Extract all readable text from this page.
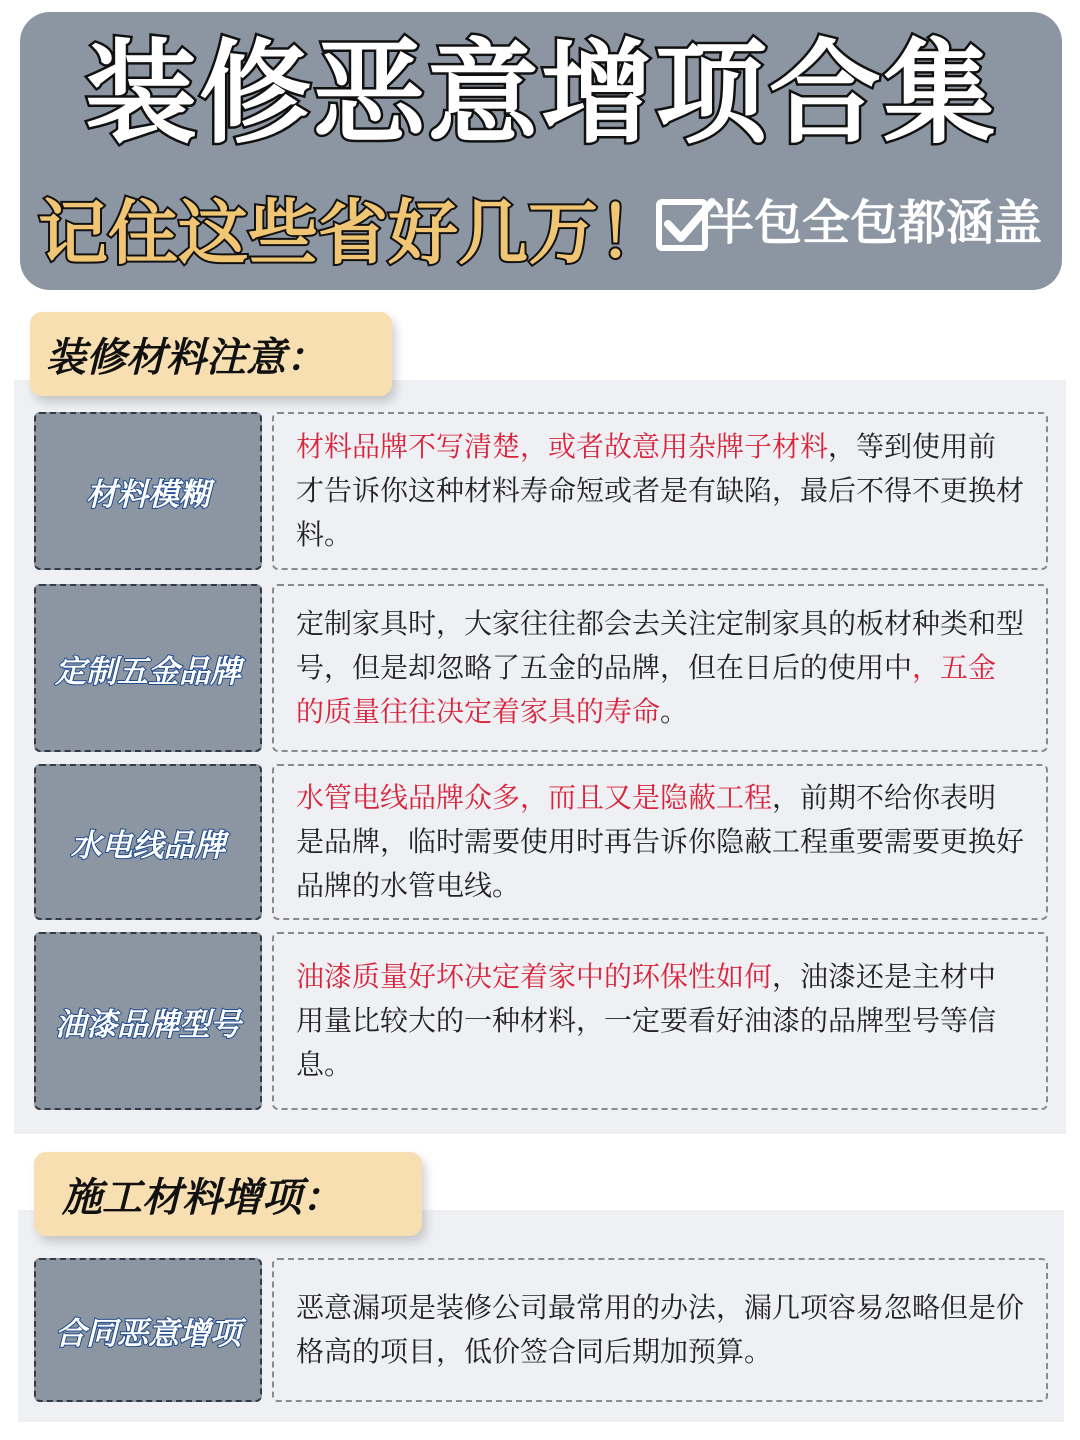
装修恶意增项合集
记住这些省好几万！ 半包全包都涵盖
装修材料注意：
材料模糊
材料品牌不写清楚，或者故意用杂牌子材料，等到使用前才告诉你这种材料寿命短或者是有缺陷，最后不得不更换材料。
定制五金品牌
定制家具时，大家往往都会去关注定制家具的板材种类和型号，但是却忽略了五金的品牌，但在日后的使用中，五金的质量往往决定着家具的寿命。
水电线品牌
水管电线品牌众多，而且又是隐蔽工程，前期不给你表明是品牌，临时需要使用时再告诉你隐蔽工程重要需要更换好品牌的水管电线。
油漆品牌型号
油漆质量好坏决定着家中的环保性如何，油漆还是主材中用量比较大的一种材料，一定要看好油漆的品牌型号等信息。
施工材料增项：
合同恶意增项
恶意漏项是装修公司最常用的办法，漏几项容易忽略但是价格高的项目，低价签合同后期加预算。
